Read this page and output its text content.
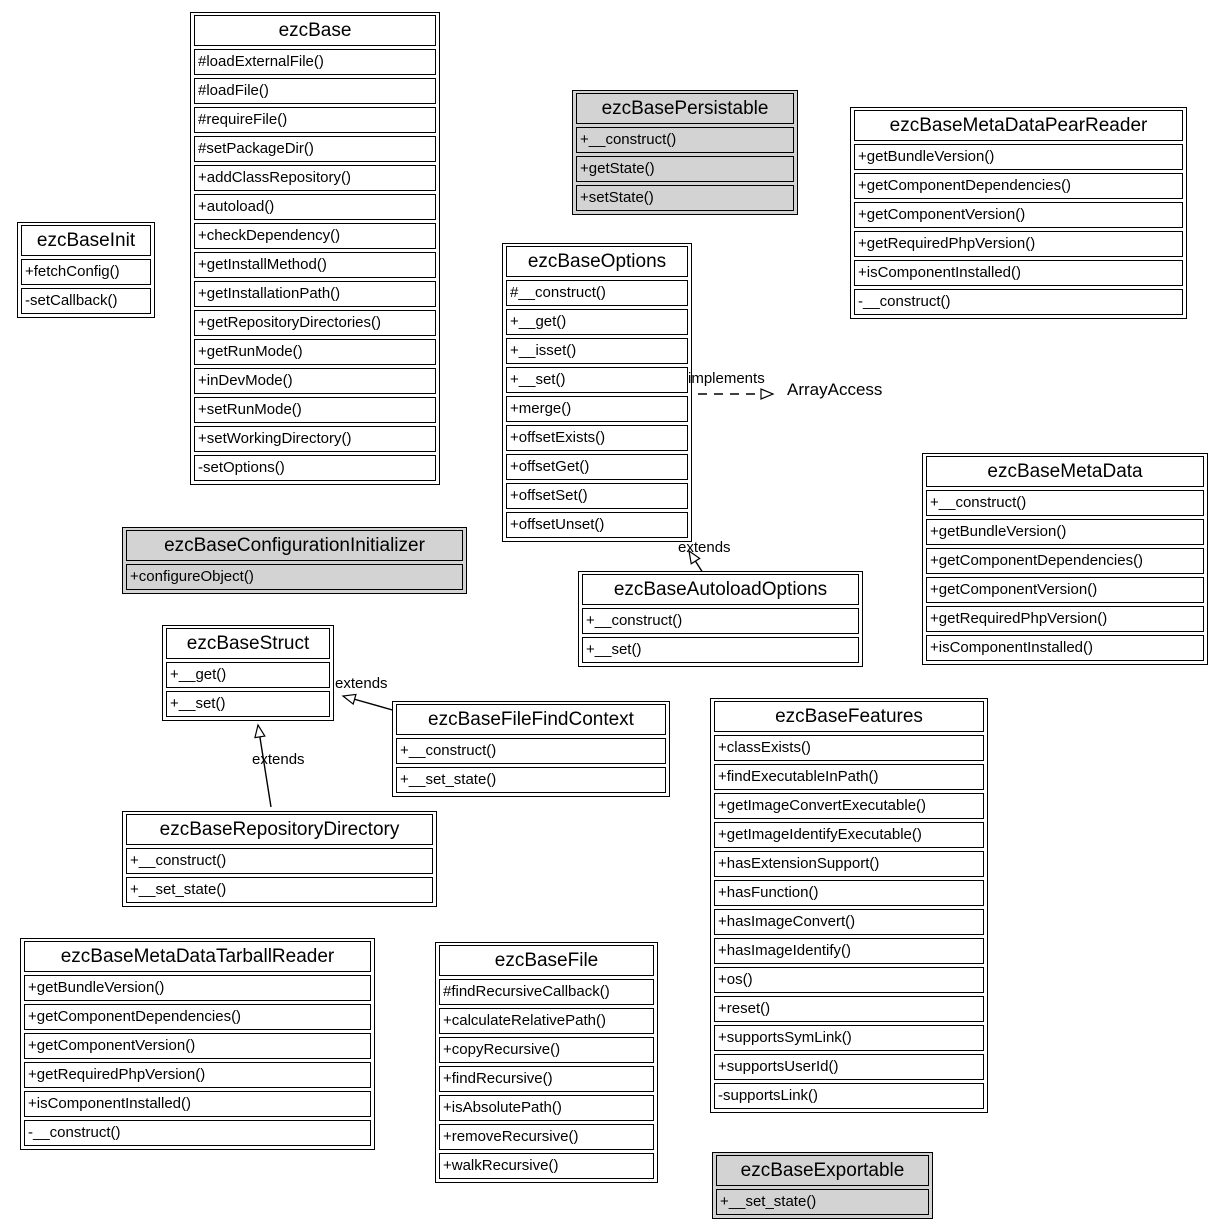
ezcBase
#loadExternalFile()
#loadFile()
#requireFile()
#setPackageDir()
+addClassRepository()
+autoload()
+checkDependency()
+getInstallMethod()
+getInstallationPath()
+getRepositoryDirectories()
+getRunMode()
+inDevMode()
+setRunMode()
+setWorkingDirectory()
-setOptions()
ezcBaseInit
+fetchConfig()
-setCallback()
ezcBasePersistable
+__construct()
+getState()
+setState()
ezcBaseMetaDataPearReader
+getBundleVersion()
+getComponentDependencies()
+getComponentVersion()
+getRequiredPhpVersion()
+isComponentInstalled()
-__construct()
ezcBaseOptions
#__construct()
+__get()
+__isset()
+__set()
+merge()
+offsetExists()
+offsetGet()
+offsetSet()
+offsetUnset()
ezcBaseMetaData
+__construct()
+getBundleVersion()
+getComponentDependencies()
+getComponentVersion()
+getRequiredPhpVersion()
+isComponentInstalled()
ezcBaseConfigurationInitializer
+configureObject()
ezcBaseAutoloadOptions
+__construct()
+__set()
ezcBaseStruct
+__get()
+__set()
ezcBaseFileFindContext
+__construct()
+__set_state()
ezcBaseFeatures
+classExists()
+findExecutableInPath()
+getImageConvertExecutable()
+getImageIdentifyExecutable()
+hasExtensionSupport()
+hasFunction()
+hasImageConvert()
+hasImageIdentify()
+os()
+reset()
+supportsSymLink()
+supportsUserId()
-supportsLink()
ezcBaseRepositoryDirectory
+__construct()
+__set_state()
ezcBaseMetaDataTarballReader
+getBundleVersion()
+getComponentDependencies()
+getComponentVersion()
+getRequiredPhpVersion()
+isComponentInstalled()
-__construct()
ezcBaseFile
#findRecursiveCallback()
+calculateRelativePath()
+copyRecursive()
+findRecursive()
+isAbsolutePath()
+removeRecursive()
+walkRecursive()	ezcBaseExportable
+__set_state()
implements
ArrayAccess
extends
extends
extends
